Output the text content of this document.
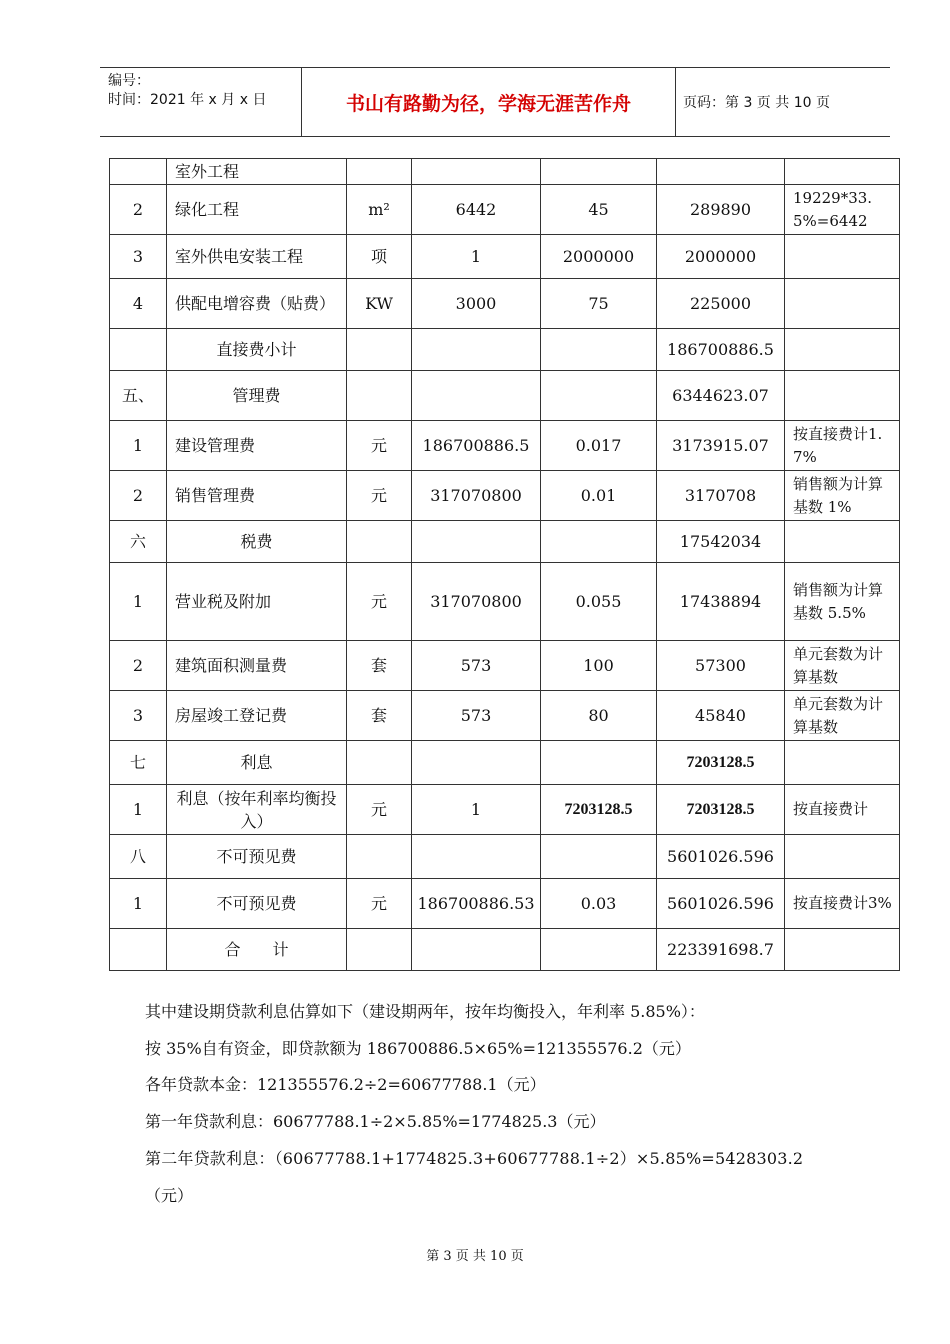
编号：
时间：2021 年 x 月 x 日	书山有路勤为径，学海无涯苦作舟	页码：第 3 页 共 10 页
	室外工程					
2	绿化工程	m²	6442	45	289890	19229*33.5%=6442
3	室外供电安装工程	项	1	2000000	2000000	
4	供配电增容费（贴费）	KW	3000	75	225000	
	直接费小计				186700886.5	
五、	管理费				6344623.07	
1	建设管理费	元	186700886.5	0.017	3173915.07	按直接费计1.7%
2	销售管理费	元	317070800	0.01	3170708	销售额为计算基数 1%
六	税费				17542034	
1	营业税及附加	元	317070800	0.055	17438894	销售额为计算基数 5.5%
2	建筑面积测量费	套	573	100	57300	单元套数为计算基数
3	房屋竣工登记费	套	573	80	45840	单元套数为计算基数
七	利息				7203128.5	
1	利息（按年利率均衡投入）	元	1	7203128.5	7203128.5	按直接费计
八	不可预见费				5601026.596	
1	不可预见费	元	186700886.53	0.03	5601026.596	按直接费计3%
	合　　计				223391698.7	
其中建设期贷款利息估算如下（建设期两年，按年均衡投入，年利率 5.85%）：
按 35%自有资金，即贷款额为 186700886.5×65%=121355576.2（元）
各年贷款本金：121355576.2÷2=60677788.1（元）
第一年贷款利息：60677788.1÷2×5.85%=1774825.3（元）
第二年贷款利息：（60677788.1+1774825.3+60677788.1÷2）×5.85%=5428303.2
（元）
第 3 页 共 10 页
